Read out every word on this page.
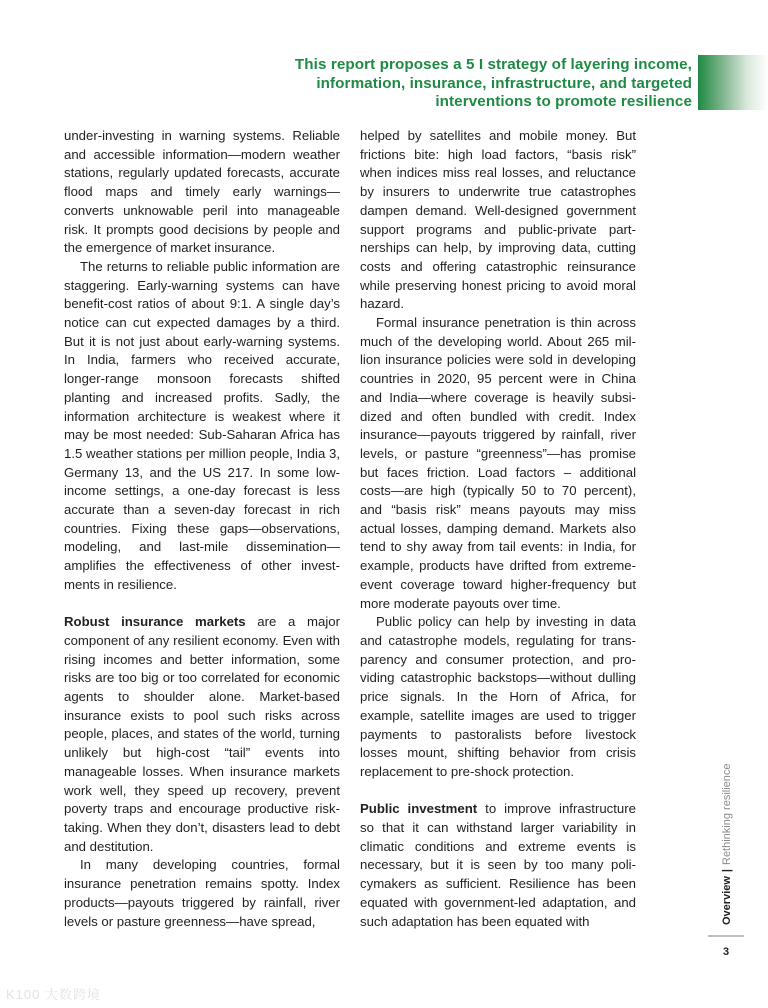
This report proposes a 5 I strategy of layering income, information, insurance, infrastructure, and targeted interventions to promote resilience

under-investing in warning systems. Reliable and accessible information—modern weather stations, regularly updated forecasts, accurate flood maps and timely early warnings—converts unknowable peril into manageable risk. It prompts good decisions by people and the emergence of market insurance.

The returns to reliable public information are staggering. Early-warning systems can have benefit-cost ratios of about 9:1. A single day’s notice can cut expected damages by a third. But it is not just about early-warning systems. In India, farmers who received accurate, longer-range monsoon forecasts shifted planting and increased profits. Sadly, the information architecture is weakest where it may be most needed: Sub-Saharan Africa has 1.5 weather stations per million people, India 3, Germany 13, and the US 217. In some low-income settings, a one-day forecast is less accurate than a seven-day forecast in rich countries. Fixing these gaps—observations, modeling, and last-mile dissemination—amplifies the effectiveness of other investments in resilience.

Robust insurance markets are a major component of any resilient economy. Even with rising incomes and better information, some risks are too big or too correlated for economic agents to shoulder alone. Market-based insurance exists to pool such risks across people, places, and states of the world, turning unlikely but high-cost “tail” events into manageable losses. When insurance markets work well, they speed up recovery, prevent poverty traps and encourage productive risk-taking. When they don’t, disasters lead to debt and destitution.

In many developing countries, formal insurance penetration remains spotty. Index products—payouts triggered by rainfall, river levels or pasture greenness—have spread,

helped by satellites and mobile money. But frictions bite: high load factors, “basis risk” when indices miss real losses, and reluctance by insurers to underwrite true catastrophes dampen demand. Well-designed government support programs and public-private partnerships can help, by improving data, cutting costs and offering catastrophic reinsurance while preserving honest pricing to avoid moral hazard.

Formal insurance penetration is thin across much of the developing world. About 265 million insurance policies were sold in developing countries in 2020, 95 percent were in China and India—where coverage is heavily subsidized and often bundled with credit. Index insurance—payouts triggered by rainfall, river levels, or pasture “greenness”—has promise but faces friction. Load factors – additional costs—are high (typically 50 to 70 percent), and “basis risk” means payouts may miss actual losses, damping demand. Markets also tend to shy away from tail events: in India, for example, products have drifted from extreme-event coverage toward higher-frequency but more moderate payouts over time.

Public policy can help by investing in data and catastrophe models, regulating for transparency and consumer protection, and providing catastrophic backstops—without dulling price signals. In the Horn of Africa, for example, satellite images are used to trigger payments to pastoralists before livestock losses mount, shifting behavior from crisis replacement to pre-shock protection.

Public investment to improve infrastructure so that it can withstand larger variability in climatic conditions and extreme events is necessary, but it is seen by too many policymakers as sufficient. Resilience has been equated with government-led adaptation, and such adaptation has been equated with	Overview|Rethinking resilience
3
K100 大数跨境
